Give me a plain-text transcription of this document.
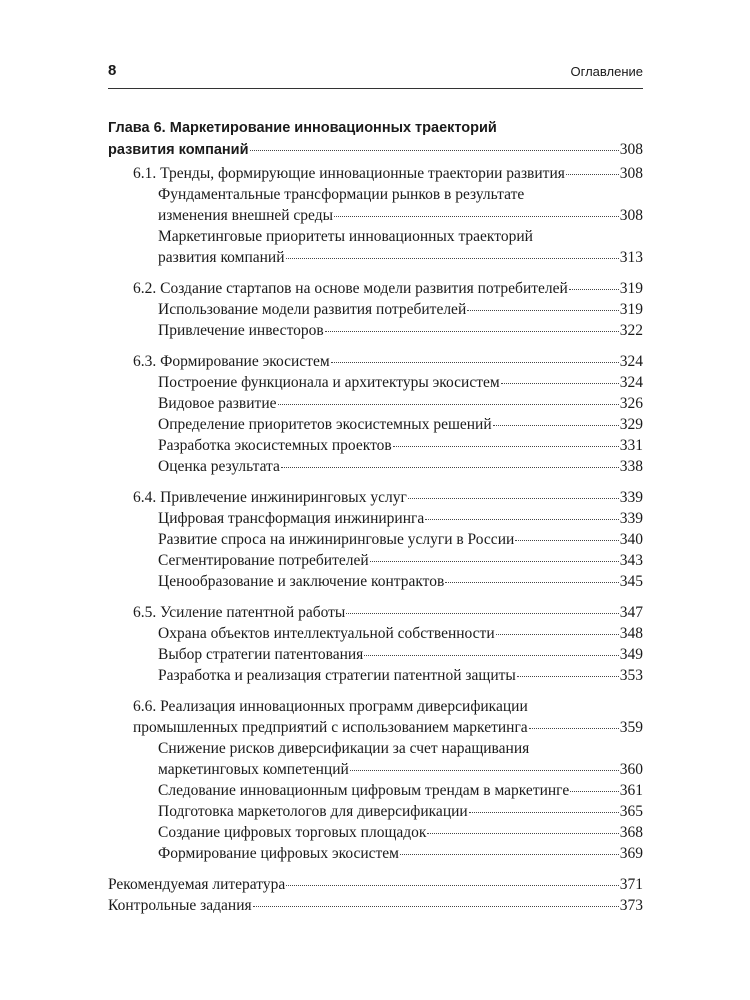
8	Оглавление
Глава 6. Маркетирование инновационных траекторий
развития компаний	308
6.1. Тренды, формирующие инновационные траектории развития	308
Фундаментальные трансформации рынков в результате
изменения внешней среды	308
Маркетинговые приоритеты инновационных траекторий
развития компаний	313
6.2. Создание стартапов на основе модели развития потребителей	319
Использование модели развития потребителей	319
Привлечение инвесторов	322
6.3. Формирование экосистем	324
Построение функционала и архитектуры экосистем	324
Видовое развитие	326
Определение приоритетов экосистемных решений	329
Разработка экосистемных проектов	331
Оценка результата	338
6.4. Привлечение инжиниринговых услуг	339
Цифровая трансформация инжиниринга	339
Развитие спроса на инжиниринговые услуги в России	340
Сегментирование потребителей	343
Ценообразование и заключение контрактов	345
6.5. Усиление патентной работы	347
Охрана объектов интеллектуальной собственности	348
Выбор стратегии патентования	349
Разработка и реализация стратегии патентной защиты	353
6.6. Реализация инновационных программ диверсификации
промышленных предприятий с использованием маркетинга	359
Снижение рисков диверсификации за счет наращивания
маркетинговых компетенций	360
Следование инновационным цифровым трендам в маркетинге	361
Подготовка маркетологов для диверсификации	365
Создание цифровых торговых площадок	368
Формирование цифровых экосистем	369
Рекомендуемая литература	371
Контрольные задания	373
